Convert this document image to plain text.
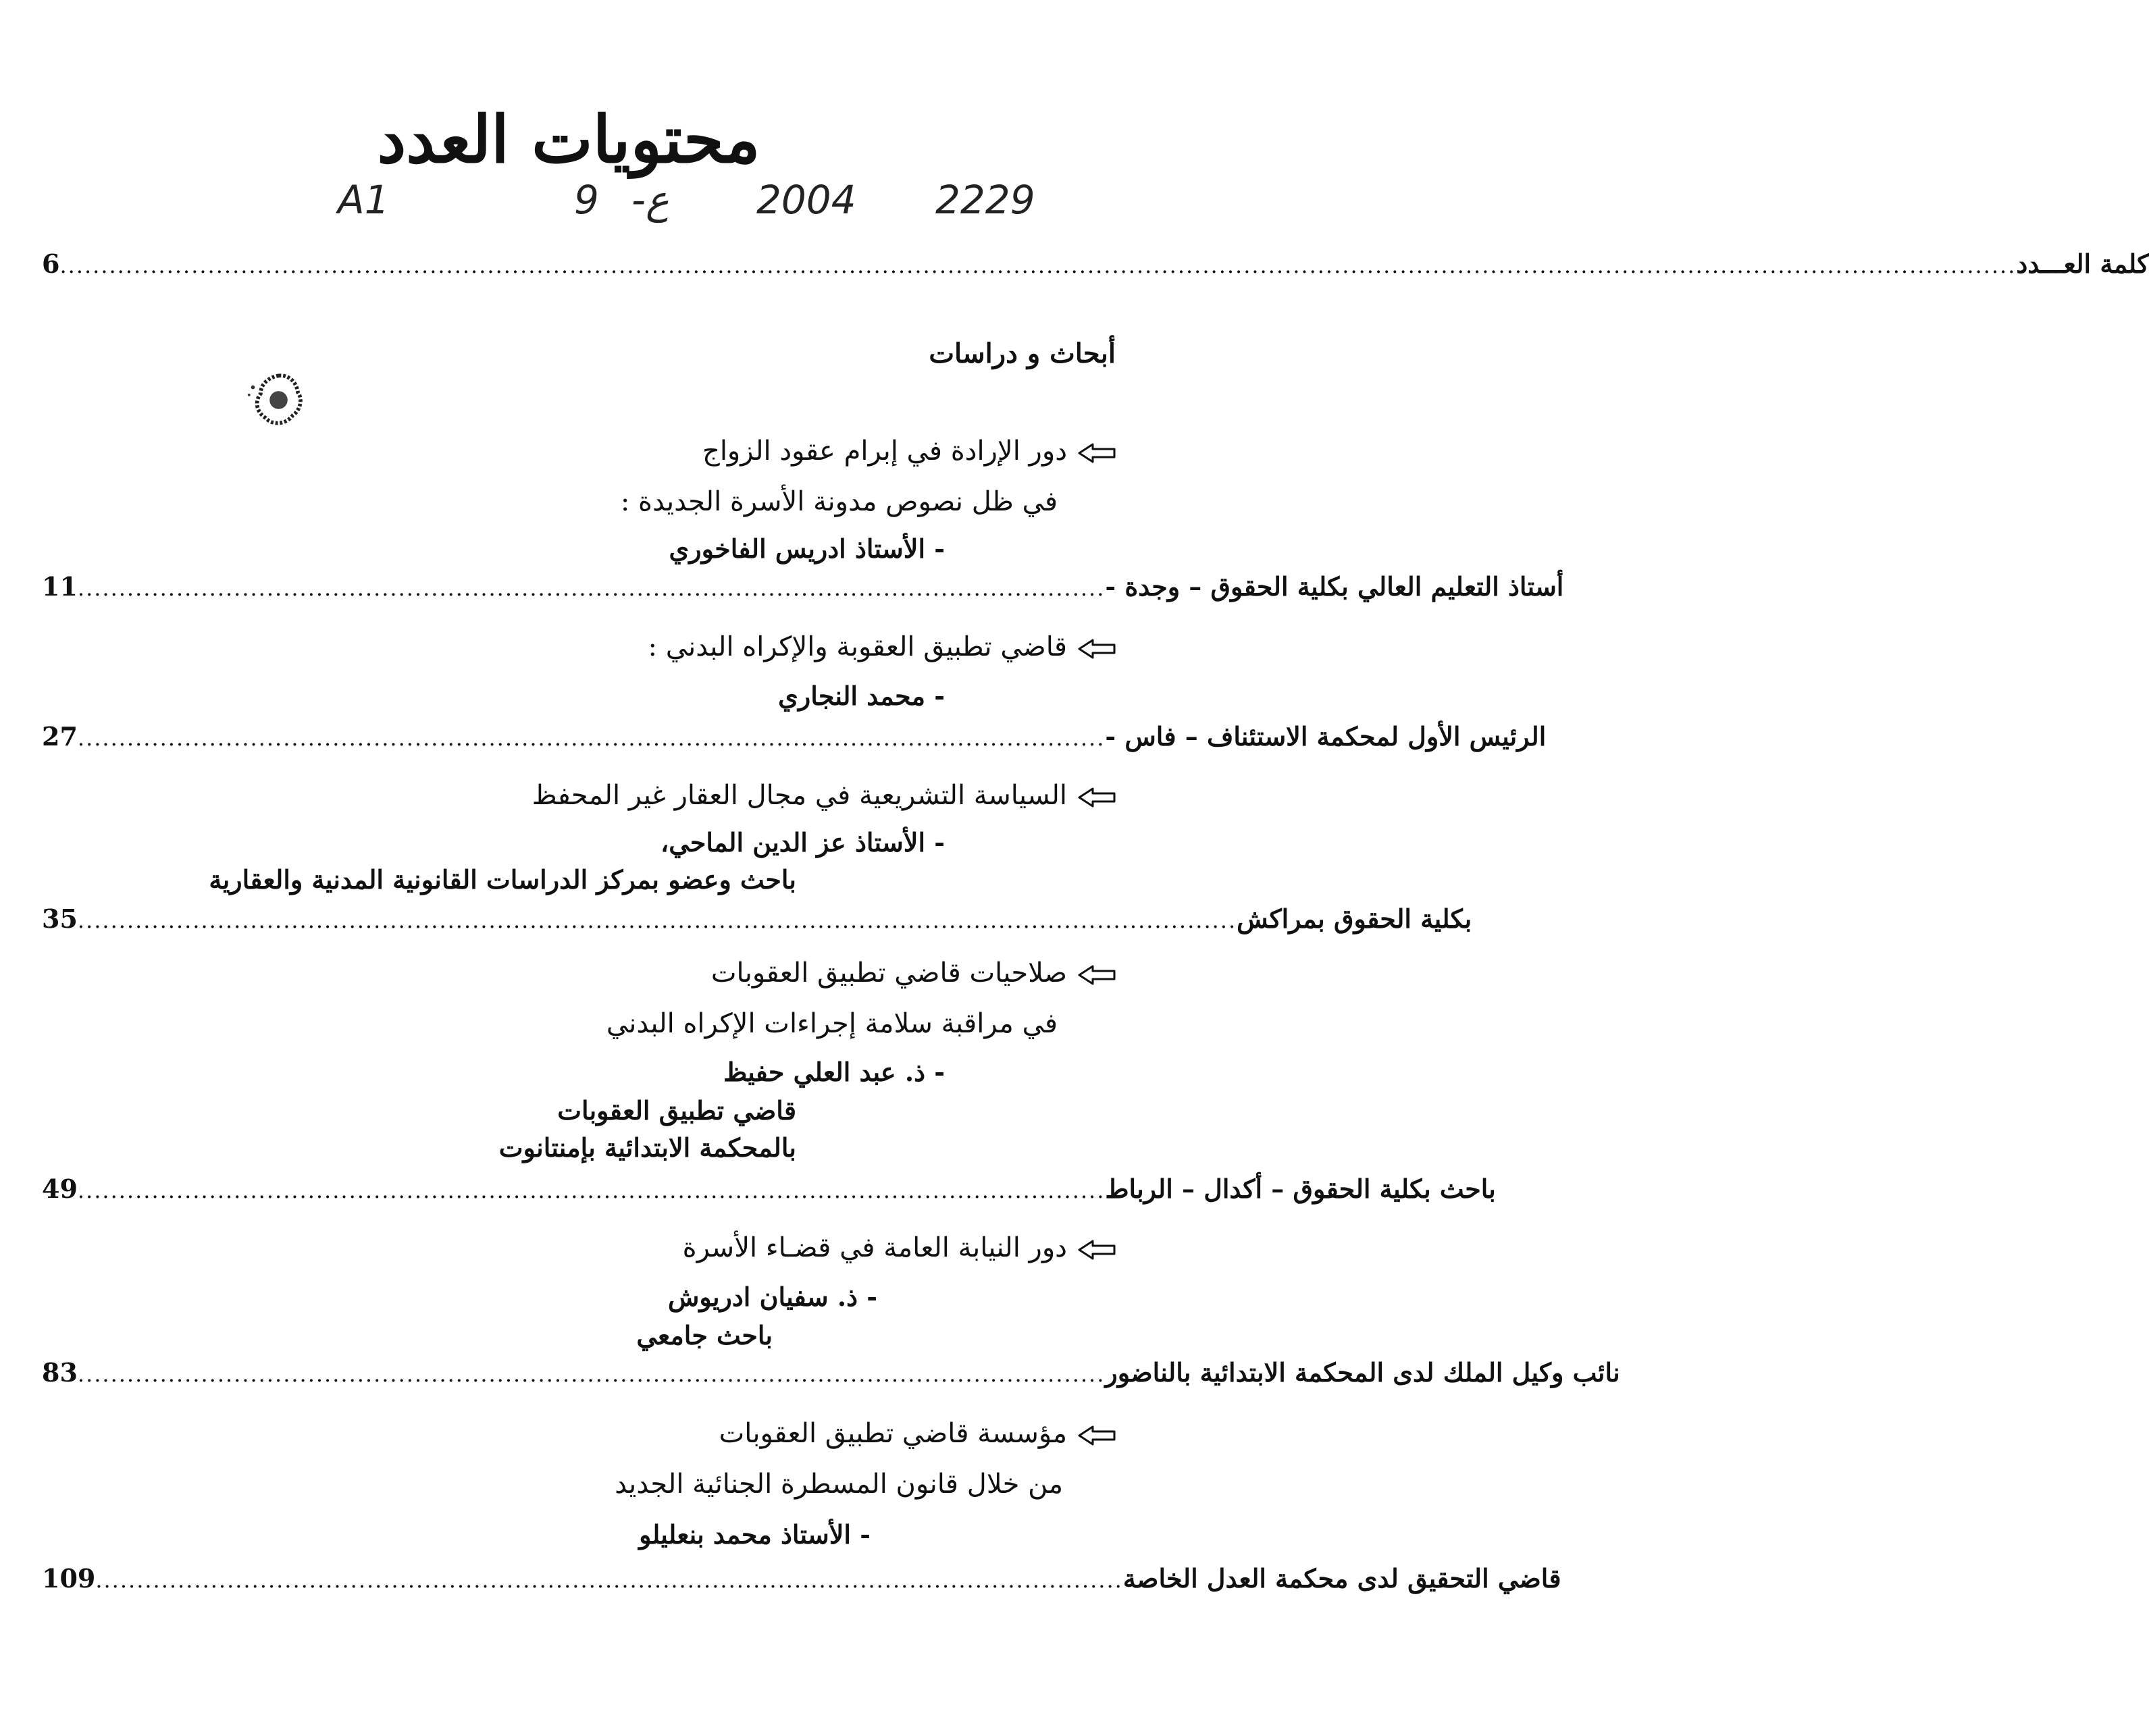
محتويات العدد
A1	9 -ع 2004 2229
6 .............................................................................................................................................................................................................................................. كلمة العـــدد
أبحاث و دراسات
دور الإرادة في إبرام عقود الزواج
في ظل نصوص مدونة الأسرة الجديدة :
- الأستاذ ادريس الفاخوري
11 ............................................................................................................................. أستاذ التعليم العالي بكلية الحقوق – وجدة -
قاضي تطبيق العقوبة والإكراه البدني :
- محمد النجاري
27 ............................................................................................................................. الرئيس الأول لمحكمة الاستئناف – فاس -
السياسة التشريعية في مجال العقار غير المحفظ
- الأستاذ عز الدين الماحي،
باحث وعضو بمركز الدراسات القانونية المدنية والعقارية
35 ............................................................................................................................................. بكلية الحقوق بمراكش
صلاحيات قاضي تطبيق العقوبات
في مراقبة سلامة إجراءات الإكراه البدني
- ذ. عبد العلي حفيظ
قاضي تطبيق العقوبات
بالمحكمة الابتدائية بإمنتانوت
49 ............................................................................................................................. باحث بكلية الحقوق – أكدال – الرباط
دور النيابة العامة في قضـاء الأسرة
- ذ. سفيان ادريوش
باحث جامعي
83 ............................................................................................................................. نائب وكيل الملك لدى المحكمة الابتدائية بالناضور
مؤسسة قاضي تطبيق العقوبات
من خلال قانون المسطرة الجنائية الجديد
- الأستاذ محمد بنعليلو
109 ............................................................................................................................. قاضي التحقيق لدى محكمة العدل الخاصة
